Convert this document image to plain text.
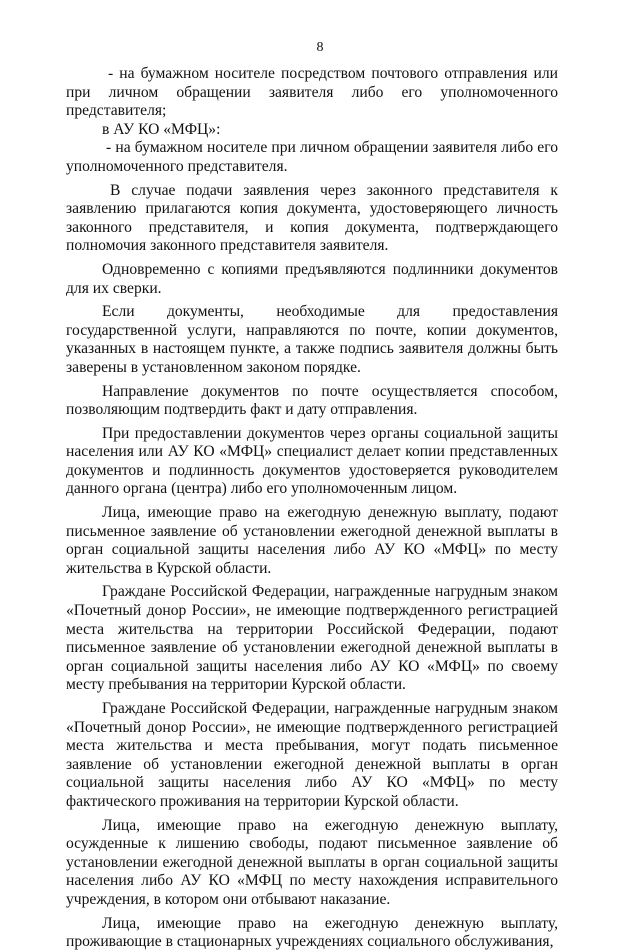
8

- на бумажном носителе посредством почтового отправления или при личном обращении заявителя либо его уполномоченного представителя;

в АУ КО «МФЦ»:

- на бумажном носителе при личном обращении заявителя либо его уполномоченного представителя.

В случае подачи заявления через законного представителя к заявлению прилагаются копия документа, удостоверяющего личность законного представителя, и копия документа, подтверждающего полномочия законного представителя заявителя.

Одновременно с копиями предъявляются подлинники документов для их сверки.

Если документы, необходимые для предоставления государственной услуги, направляются по почте, копии документов, указанных в настоящем пункте, а также подпись заявителя должны быть заверены в установленном законом порядке.

Направление документов по почте осуществляется способом, позволяющим подтвердить факт и дату отправления.

При предоставлении документов через органы социальной защиты населения или АУ КО «МФЦ» специалист делает копии представленных документов и подлинность документов удостоверяется руководителем данного органа (центра) либо его уполномоченным лицом.

Лица, имеющие право на ежегодную денежную выплату, подают письменное заявление об установлении ежегодной денежной выплаты в орган социальной защиты населения либо АУ КО «МФЦ» по месту жительства в Курской области.

Граждане Российской Федерации, награжденные нагрудным знаком «Почетный донор России», не имеющие подтвержденного регистрацией места жительства на территории Российской Федерации, подают письменное заявление об установлении ежегодной денежной выплаты в орган социальной защиты населения либо АУ КО «МФЦ» по своему месту пребывания на территории Курской области.

Граждане Российской Федерации, награжденные нагрудным знаком «Почетный донор России», не имеющие подтвержденного регистрацией места жительства и места пребывания, могут подать письменное заявление об установлении ежегодной денежной выплаты в орган социальной защиты населения либо АУ КО «МФЦ» по месту фактического проживания на территории Курской области.

Лица, имеющие право на ежегодную денежную выплату, осужденные к лишению свободы, подают письменное заявление об установлении ежегодной денежной выплаты в орган социальной защиты населения либо АУ КО «МФЦ по месту нахождения исправительного учреждения, в котором они отбывают наказание.

Лица, имеющие право на ежегодную денежную выплату, проживающие в стационарных учреждениях социального обслуживания,
